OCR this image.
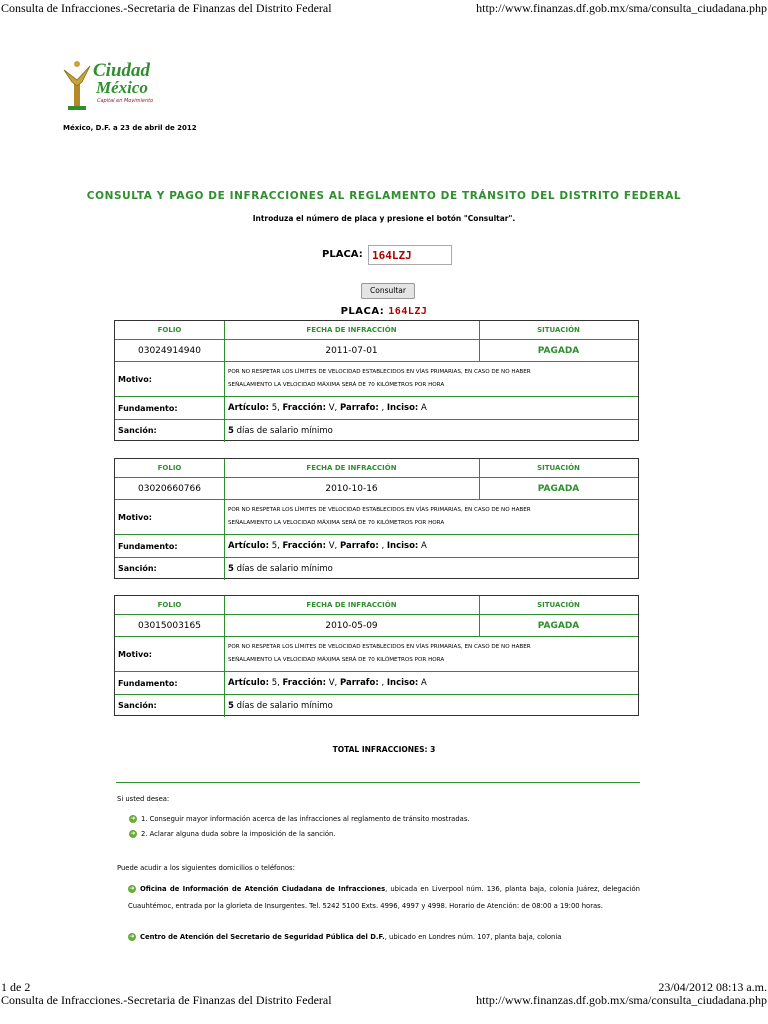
Consulta de Infracciones.-Secretaria de Finanzas del Distrito Federal	http://www.finanzas.df.gob.mx/sma/consulta_ciudadana.php
Ciudad
México
Capital en Movimiento
México, D.F. a 23 de abril de 2012
CONSULTA Y PAGO DE INFRACCIONES AL REGLAMENTO DE TRÁNSITO DEL DISTRITO FEDERAL
Introduza el número de placa y presione el botón "Consultar".
PLACA: 164LZJ
Consultar
PLACA: 164LZJ
FOLIO	FECHA DE INFRACCIÓN	SITUACIÓN
03024914940	2011-07-01	PAGADA
Motivo:
POR NO RESPETAR LOS LÍMITES DE VELOCIDAD ESTABLECIDOS EN VÍAS PRIMARIAS, EN CASO DE NO HABER
SEÑALAMIENTO LA VELOCIDAD MÁXIMA SERÁ DE 70 KILÓMETROS POR HORA
Fundamento:	Artículo: 5, Fracción: V, Parrafo: , Inciso: A
Sanción:	5 días de salario mínimo
FOLIO	FECHA DE INFRACCIÓN	SITUACIÓN
03020660766	2010-10-16	PAGADA
Motivo:
POR NO RESPETAR LOS LÍMITES DE VELOCIDAD ESTABLECIDOS EN VÍAS PRIMARIAS, EN CASO DE NO HABER
SEÑALAMIENTO LA VELOCIDAD MÁXIMA SERÁ DE 70 KILÓMETROS POR HORA
Fundamento:	Artículo: 5, Fracción: V, Parrafo: , Inciso: A
Sanción:	5 días de salario mínimo
FOLIO	FECHA DE INFRACCIÓN	SITUACIÓN
03015003165	2010-05-09	PAGADA
Motivo:
POR NO RESPETAR LOS LÍMITES DE VELOCIDAD ESTABLECIDOS EN VÍAS PRIMARIAS, EN CASO DE NO HABER
SEÑALAMIENTO LA VELOCIDAD MÁXIMA SERÁ DE 70 KILÓMETROS POR HORA
Fundamento:	Artículo: 5, Fracción: V, Parrafo: , Inciso: A
Sanción:	5 días de salario mínimo
TOTAL INFRACCIONES: 3
Si usted desea:
➜ 1. Conseguir mayor información acerca de las infracciones al reglamento de tránsito mostradas.
➜ 2. Aclarar alguna duda sobre la imposición de la sanción.
Puede acudir a los siguientes domicilios o teléfonos:
➜ Oficina de Información de Atención Ciudadana de Infracciones, ubicada en Liverpool núm. 136, planta baja, colonia Juárez, delegación Cuauhtémoc, entrada por la glorieta de Insurgentes. Tel. 5242 5100 Exts. 4996, 4997 y 4998. Horario de Atención: de 08:00 a 19:00 horas.
➜ Centro de Atención del Secretario de Seguridad Pública del D.F., ubicado en Londres núm. 107, planta baja, colonia
1 de 2	23/04/2012 08:13 a.m.
Consulta de Infracciones.-Secretaria de Finanzas del Distrito Federal	http://www.finanzas.df.gob.mx/sma/consulta_ciudadana.php
